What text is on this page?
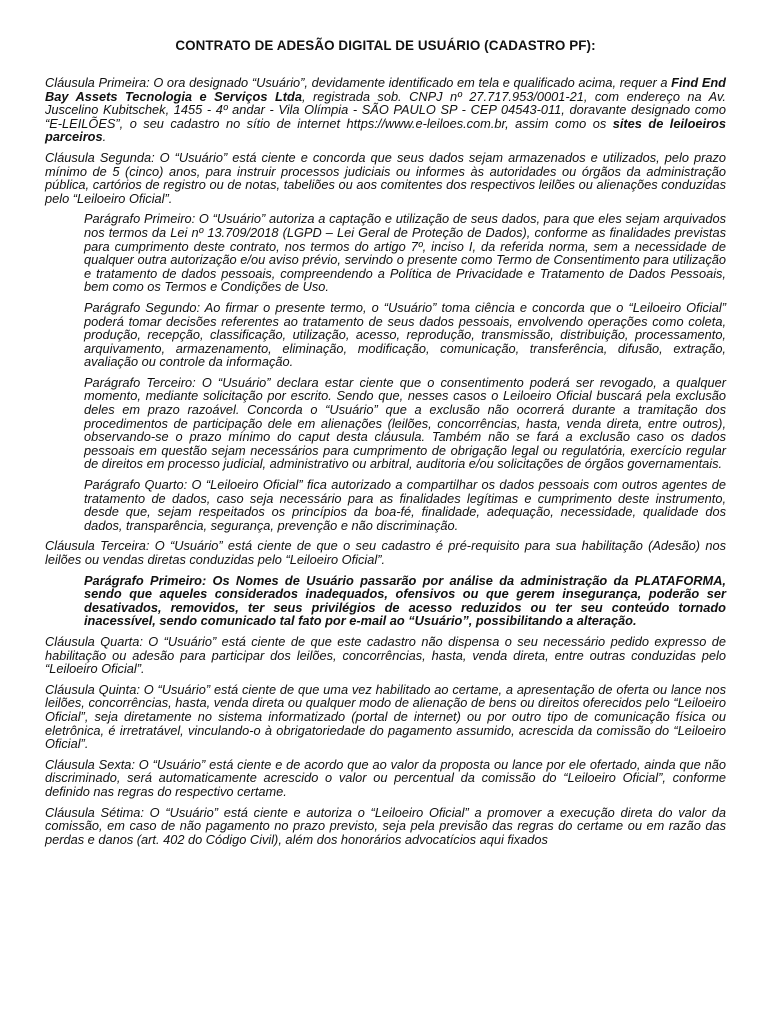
CONTRATO DE ADESÃO DIGITAL DE USUÁRIO (CADASTRO PF):

Cláusula Primeira: O ora designado “Usuário”, devidamente identificado em tela e qualificado acima, requer a Find End Bay Assets Tecnologia e Serviços Ltda, registrada sob. CNPJ nº 27.717.953/0001-21, com endereço na Av. Juscelino Kubitschek, 1455 - 4º andar - Vila Olímpia - SÃO PAULO SP - CEP 04543-011, doravante designado como “E-LEILÕES”, o seu cadastro no sítio de internet https://www.e-leiloes.com.br, assim como os sites de leiloeiros parceiros.

Cláusula Segunda: O “Usuário” está ciente e concorda que seus dados sejam armazenados e utilizados, pelo prazo mínimo de 5 (cinco) anos, para instruir processos judiciais ou informes às autoridades ou órgãos da administração pública, cartórios de registro ou de notas, tabeliões ou aos comitentes dos respectivos leilões ou alienações conduzidas pelo “Leiloeiro Oficial”.

Parágrafo Primeiro: O “Usuário” autoriza a captação e utilização de seus dados, para que eles sejam arquivados nos termos da Lei nº 13.709/2018 (LGPD – Lei Geral de Proteção de Dados), conforme as finalidades previstas para cumprimento deste contrato, nos termos do artigo 7º, inciso I, da referida norma, sem a necessidade de qualquer outra autorização e/ou aviso prévio, servindo o presente como Termo de Consentimento para utilização e tratamento de dados pessoais, compreendendo a Política de Privacidade e Tratamento de Dados Pessoais, bem como os Termos e Condições de Uso.

Parágrafo Segundo: Ao firmar o presente termo, o “Usuário” toma ciência e concorda que o “Leiloeiro Oficial” poderá tomar decisões referentes ao tratamento de seus dados pessoais, envolvendo operações como coleta, produção, recepção, classificação, utilização, acesso, reprodução, transmissão, distribuição, processamento, arquivamento, armazenamento, eliminação, modificação, comunicação, transferência, difusão, extração, avaliação ou controle da informação.

Parágrafo Terceiro: O “Usuário” declara estar ciente que o consentimento poderá ser revogado, a qualquer momento, mediante solicitação por escrito. Sendo que, nesses casos o Leiloeiro Oficial buscará pela exclusão deles em prazo razoável. Concorda o “Usuário” que a exclusão não ocorrerá durante a tramitação dos procedimentos de participação dele em alienações (leilões, concorrências, hasta, venda direta, entre outros), observando-se o prazo mínimo do caput desta cláusula. Também não se fará a exclusão caso os dados pessoais em questão sejam necessários para cumprimento de obrigação legal ou regulatória, exercício regular de direitos em processo judicial, administrativo ou arbitral, auditoria e/ou solicitações de órgãos governamentais.

Parágrafo Quarto: O “Leiloeiro Oficial” fica autorizado a compartilhar os dados pessoais com outros agentes de tratamento de dados, caso seja necessário para as finalidades legítimas e cumprimento deste instrumento, desde que, sejam respeitados os princípios da boa-fé, finalidade, adequação, necessidade, qualidade dos dados, transparência, segurança, prevenção e não discriminação.

Cláusula Terceira: O “Usuário” está ciente de que o seu cadastro é pré-requisito para sua habilitação (Adesão) nos leilões ou vendas diretas conduzidas pelo “Leiloeiro Oficial”.

Parágrafo Primeiro: Os Nomes de Usuário passarão por análise da administração da PLATAFORMA, sendo que aqueles considerados inadequados, ofensivos ou que gerem insegurança, poderão ser desativados, removidos, ter seus privilégios de acesso reduzidos ou ter seu conteúdo tornado inacessível, sendo comunicado tal fato por e-mail ao “Usuário”, possibilitando a alteração.

Cláusula Quarta: O “Usuário” está ciente de que este cadastro não dispensa o seu necessário pedido expresso de habilitação ou adesão para participar dos leilões, concorrências, hasta, venda direta, entre outras conduzidas pelo “Leiloeiro Oficial”.

Cláusula Quinta: O “Usuário” está ciente de que uma vez habilitado ao certame, a apresentação de oferta ou lance nos leilões, concorrências, hasta, venda direta ou qualquer modo de alienação de bens ou direitos oferecidos pelo “Leiloeiro Oficial”, seja diretamente no sistema informatizado (portal de internet) ou por outro tipo de comunicação física ou eletrônica, é irretratável, vinculando-o à obrigatoriedade do pagamento assumido, acrescida da comissão do “Leiloeiro Oficial”.

Cláusula Sexta: O “Usuário” está ciente e de acordo que ao valor da proposta ou lance por ele ofertado, ainda que não discriminado, será automaticamente acrescido o valor ou percentual da comissão do “Leiloeiro Oficial”, conforme definido nas regras do respectivo certame.

Cláusula Sétima: O “Usuário” está ciente e autoriza o “Leiloeiro Oficial” a promover a execução direta do valor da comissão, em caso de não pagamento no prazo previsto, seja pela previsão das regras do certame ou em razão das perdas e danos (art. 402 do Código Civil), além dos honorários advocatícios aqui fixados
